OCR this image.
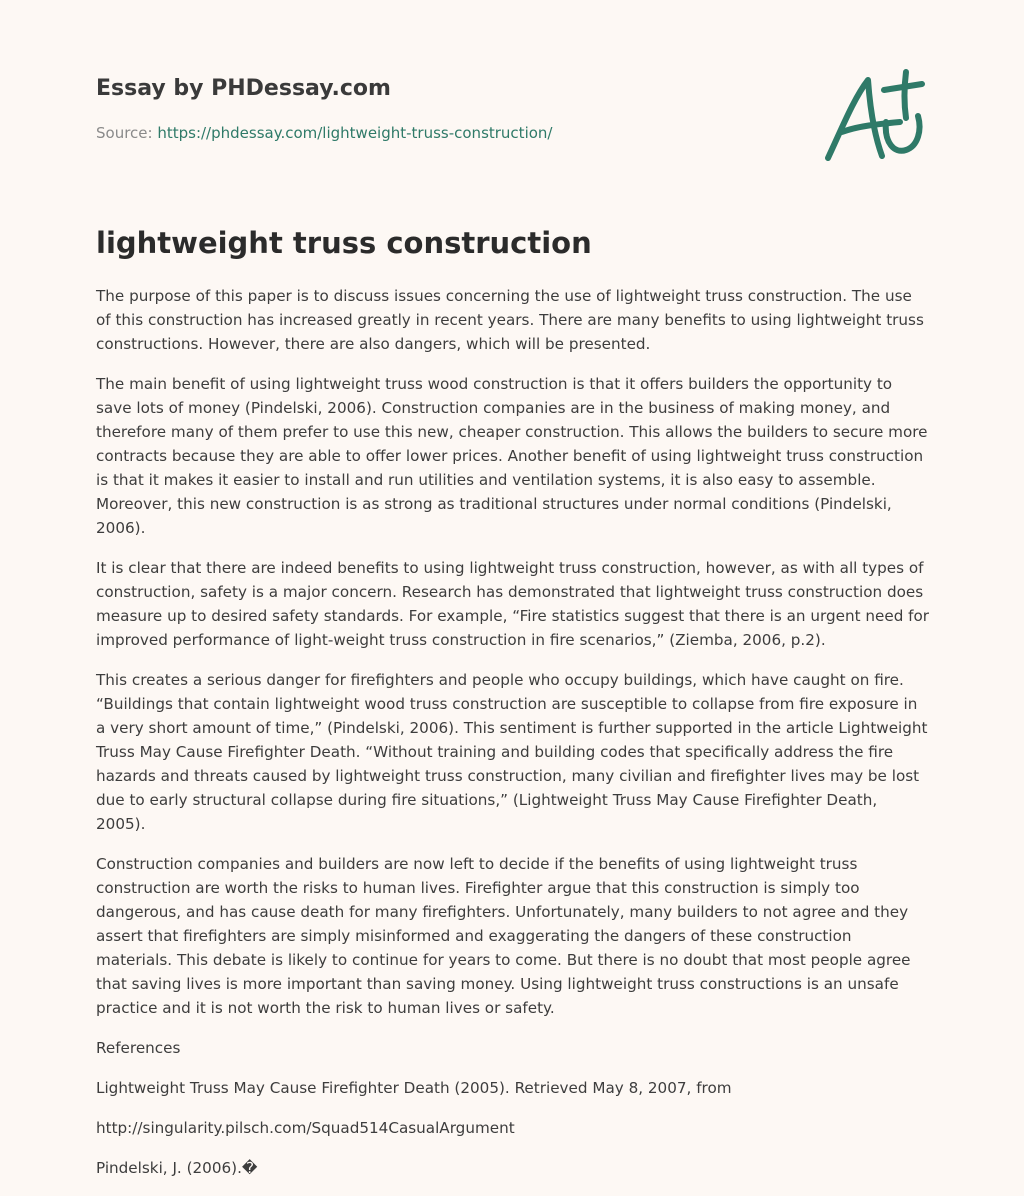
Essay by PHDessay.com
Source: https://phdessay.com/lightweight-truss-construction/
lightweight truss construction

The purpose of this paper is to discuss issues concerning the use of lightweight truss construction. The use of this construction has increased greatly in recent years. There are many benefits to using lightweight truss constructions. However, there are also dangers, which will be presented.

The main benefit of using lightweight truss wood construction is that it offers builders the opportunity to save lots of money (Pindelski, 2006). Construction companies are in the business of making money, and therefore many of them prefer to use this new, cheaper construction. This allows the builders to secure more contracts because they are able to offer lower prices. Another benefit of using lightweight truss construction is that it makes it easier to install and run utilities and ventilation systems, it is also easy to assemble. Moreover, this new construction is as strong as traditional structures under normal conditions (Pindelski, 2006).

It is clear that there are indeed benefits to using lightweight truss construction, however, as with all types of construction, safety is a major concern. Research has demonstrated that lightweight truss construction does measure up to desired safety standards. For example, “Fire statistics suggest that there is an urgent need for improved performance of light-weight truss construction in fire scenarios,” (Ziemba, 2006, p.2).

This creates a serious danger for firefighters and people who occupy buildings, which have caught on fire. “Buildings that contain lightweight wood truss construction are susceptible to collapse from fire exposure in a very short amount of time,” (Pindelski, 2006). This sentiment is further supported in the article Lightweight Truss May Cause Firefighter Death. “Without training and building codes that specifically address the fire hazards and threats caused by lightweight truss construction, many civilian and firefighter lives may be lost due to early structural collapse during fire situations,” (Lightweight Truss May Cause Firefighter Death, 2005).

Construction companies and builders are now left to decide if the benefits of using lightweight truss construction are worth the risks to human lives. Firefighter argue that this construction is simply too dangerous, and has cause death for many firefighters. Unfortunately, many builders to not agree and they assert that firefighters are simply misinformed and exaggerating the dangers of these construction materials. This debate is likely to continue for years to come. But there is no doubt that most people agree that saving lives is more important than saving money. Using lightweight truss constructions is an unsafe practice and it is not worth the risk to human lives or safety.

References

Lightweight Truss May Cause Firefighter Death (2005). Retrieved May 8, 2007, from

http://singularity.pilsch.com/Squad514CasualArgument

Pindelski, J. (2006).�
